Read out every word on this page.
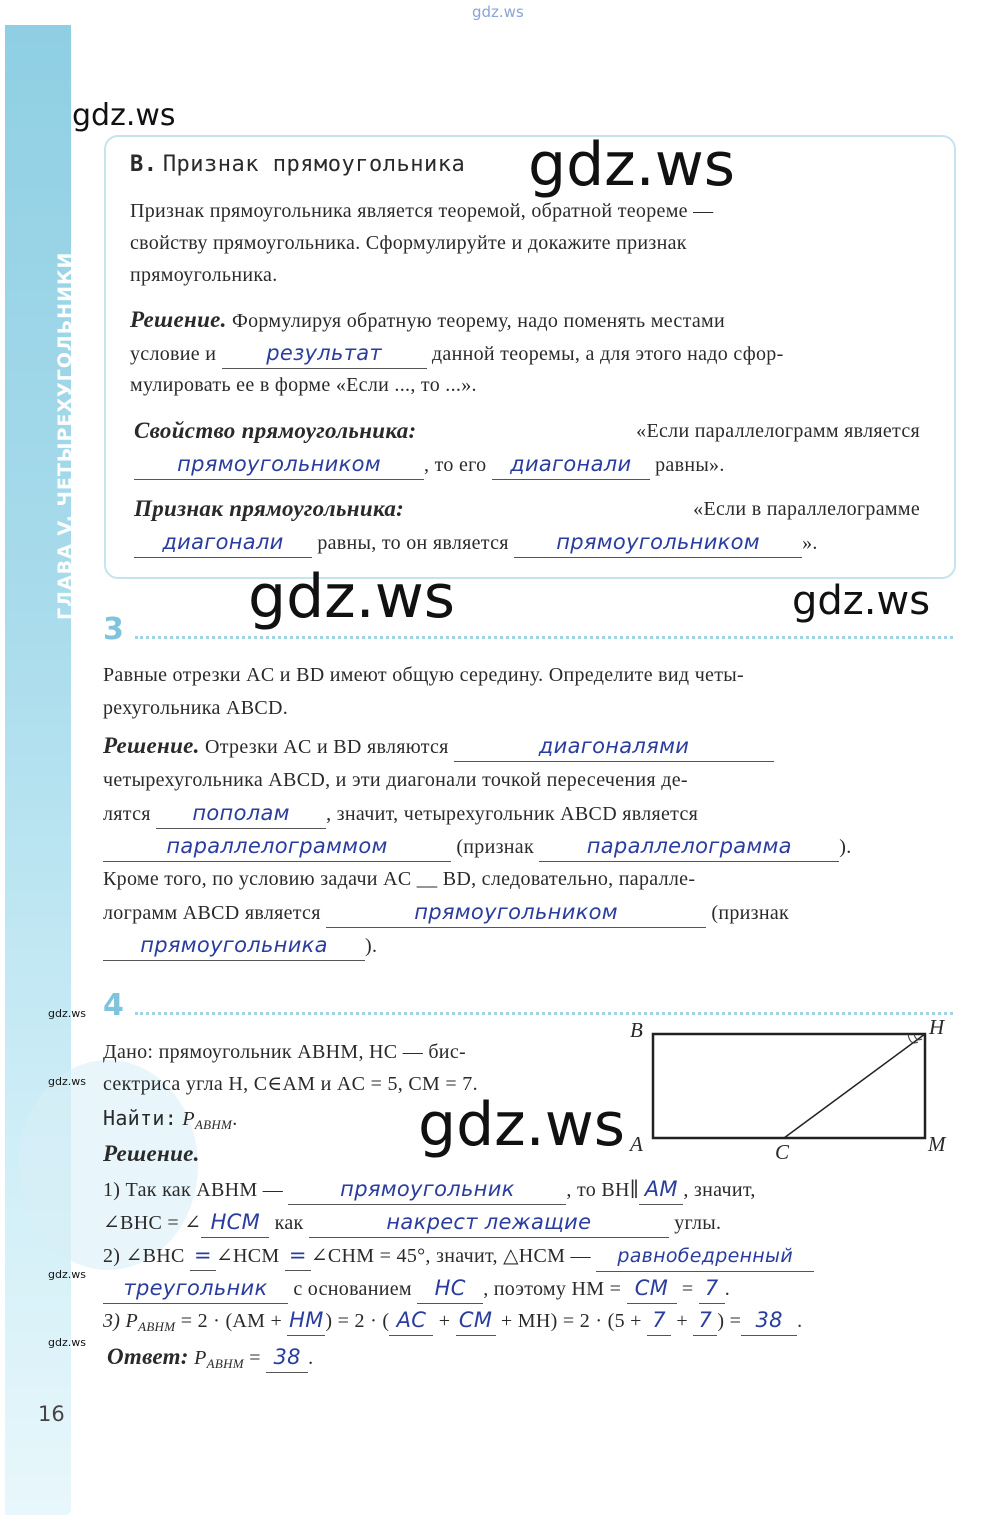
ГЛАВА V. ЧЕТЫРЕХУГОЛЬНИКИ
gdz.ws
gdz.ws
В. Признак прямоугольника gdz.ws
Признак прямоугольника является теоремой, обратной теореме —
свойству прямоугольника. Сформулируйте и докажите признак
прямоугольника.
Решение. Формулируя обратную теорему, надо поменять местами
условие и результат данной теоремы, а для этого надо сфор-
мулировать ее в форме «Если ..., то ...».
Свойство прямоугольника:	«Если параллелограмм является
прямоугольником , то его диагонали равны».
Признак прямоугольника:	«Если в параллелограмме
диагонали равны, то он является прямоугольником ».
gdz.ws	gdz.ws
3
Равные отрезки AC и BD имеют общую середину. Определите вид четы-
рехугольника ABCD.
Решение. Отрезки AC и BD являются	диагоналями
четырехугольника ABCD, и эти диагонали точкой пересечения де-
лятся пополам , значит, четырехугольник ABCD является
параллелограммом	(признак	параллелограмма ).
Кроме того, по условию задачи AC __ BD, следовательно, паралле-
лограмм ABCD является	прямоугольником	(признак
прямоугольника ).
4
gdz.ws
gdz.ws
gdz.ws
gdz.ws
Дано: прямоугольник ABHM, HC — бис-
сектриса угла H, C∈AM и AC = 5, CM = 7.
Найти: $P_{ABHM}$.
Решение.
B	H
A	C	M
gdz.ws
1) Так как ABHM —	прямоугольник	, то BH∥ AM , значит,
∠BHC = ∠ HCM как	накрест лежащие	углы.
2) ∠BHC = ∠HCM = ∠CHM = 45°, значит, △HCM — равнобедренный
треугольник с основанием HC , поэтому HM = CM = 7 .
3) $P_{ABHM} = 2 \cdot (AM + HM) = 2$ · ( AC + CM + MH) = 2 · (5 + 7 + 7 ) = 38 .
Ответ: $P_{ABHM} = 38$ .
16
